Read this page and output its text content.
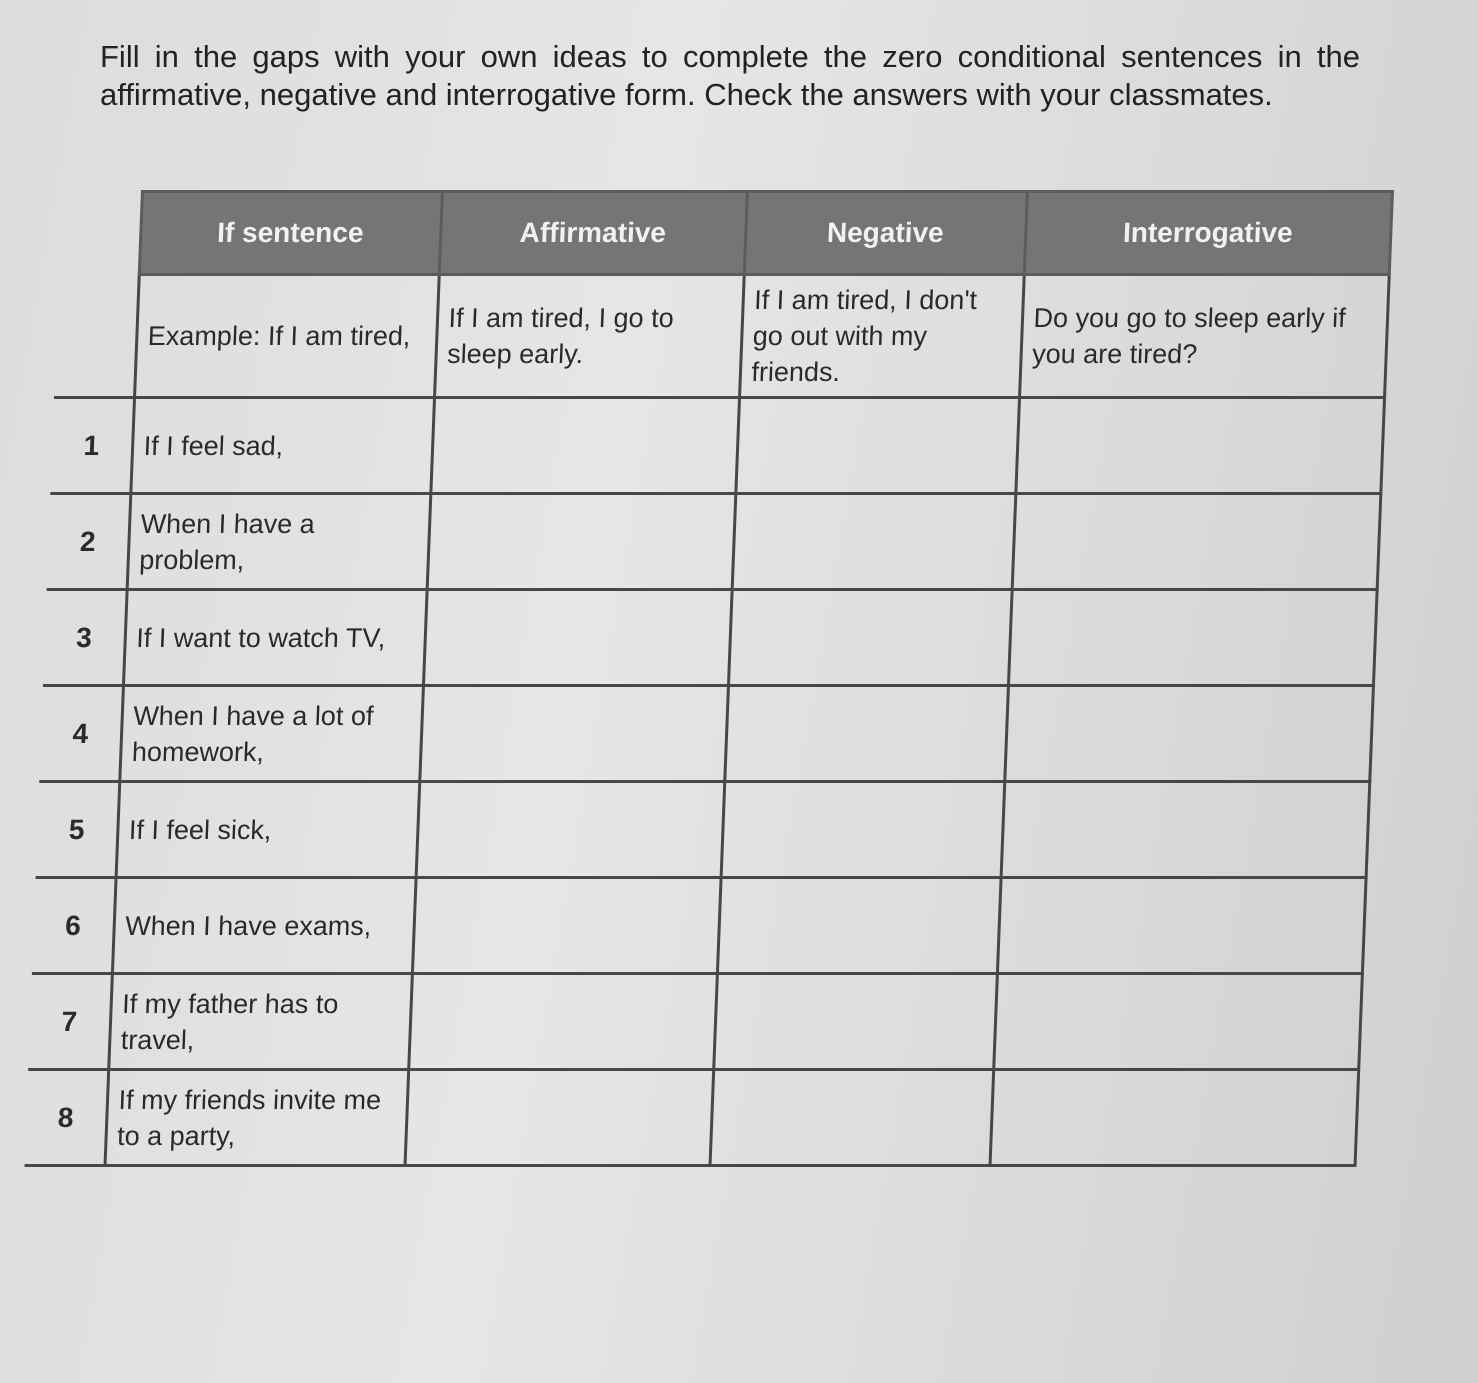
Fill in the gaps with your own ideas to complete the zero conditional sentences in the affirmative, negative and interrogative form. Check the answers with your classmates.

	If sentence	Affirmative	Negative	Interrogative
	Example: If I am tired,	If I am tired, I go to sleep early.	If I am tired, I don't go out with my friends.	Do you go to sleep early if you are tired?
1	If I feel sad,			
2	When I have a problem,			
3	If I want to watch TV,			
4	When I have a lot of homework,			
5	If I feel sick,			
6	When I have exams,			
7	If my father has to travel,			
8	If my friends invite me to a party,			
